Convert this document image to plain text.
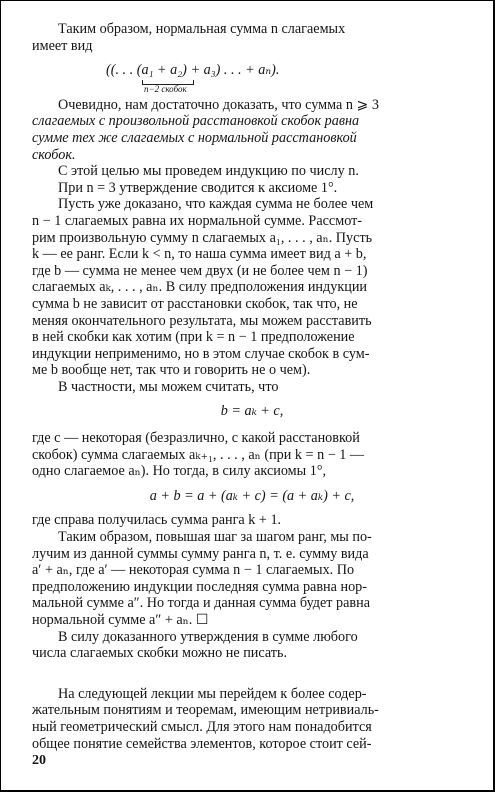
Таким образом, нормальная сумма n слагаемых
имеет вид

((. . . (a₁ + a₂) + a₃) . . . + aₙ).
n−2 скобок

Очевидно, нам достаточно доказать, что сумма n ⩾ 3
слагаемых с произвольной расстановкой скобок равна
сумме тех же слагаемых с нормальной расстановкой
скобок.

С этой целью мы проведем индукцию по числу n.

При n = 3 утверждение сводится к аксиоме 1°.

Пусть уже доказано, что каждая сумма не более чем
n − 1 слагаемых равна их нормальной сумме. Рассмот-
рим произвольную сумму n слагаемых a₁, . . . , aₙ. Пусть
k — ее ранг. Если k < n, то наша сумма имеет вид a + b,
где b — сумма не менее чем двух (и не более чем n − 1)
слагаемых aₖ, . . . , aₙ. В силу предположения индукции
сумма b не зависит от расстановки скобок, так что, не
меняя окончательного результата, мы можем расставить
в ней скобки как хотим (при k = n − 1 предположение
индукции неприменимо, но в этом случае скобок в сум-
ме b вообще нет, так что и говорить не о чем).

В частности, мы можем считать, что

b = aₖ + c,

где c — некоторая (безразлично, с какой расстановкой
скобок) сумма слагаемых aₖ₊₁, . . . , aₙ (при k = n − 1 —
одно слагаемое aₙ). Но тогда, в силу аксиомы 1°,

a + b = a + (aₖ + c) = (a + aₖ) + c,

где справа получилась сумма ранга k + 1.

Таким образом, повышая шаг за шагом ранг, мы по-
лучим из данной суммы сумму ранга n, т. е. сумму вида
a′ + aₙ, где a′ — некоторая сумма n − 1 слагаемых. По
предположению индукции последняя сумма равна нор-
мальной сумме a″. Но тогда и данная сумма будет равна
нормальной сумме a″ + aₙ. ☐

В силу доказанного утверждения в сумме любого
числа слагаемых скобки можно не писать.

На следующей лекции мы перейдем к более содер-
жательным понятиям и теоремам, имеющим нетривиаль-
ный геометрический смысл. Для этого нам понадобится
общее понятие семейства элементов, которое стоит сей-

20
